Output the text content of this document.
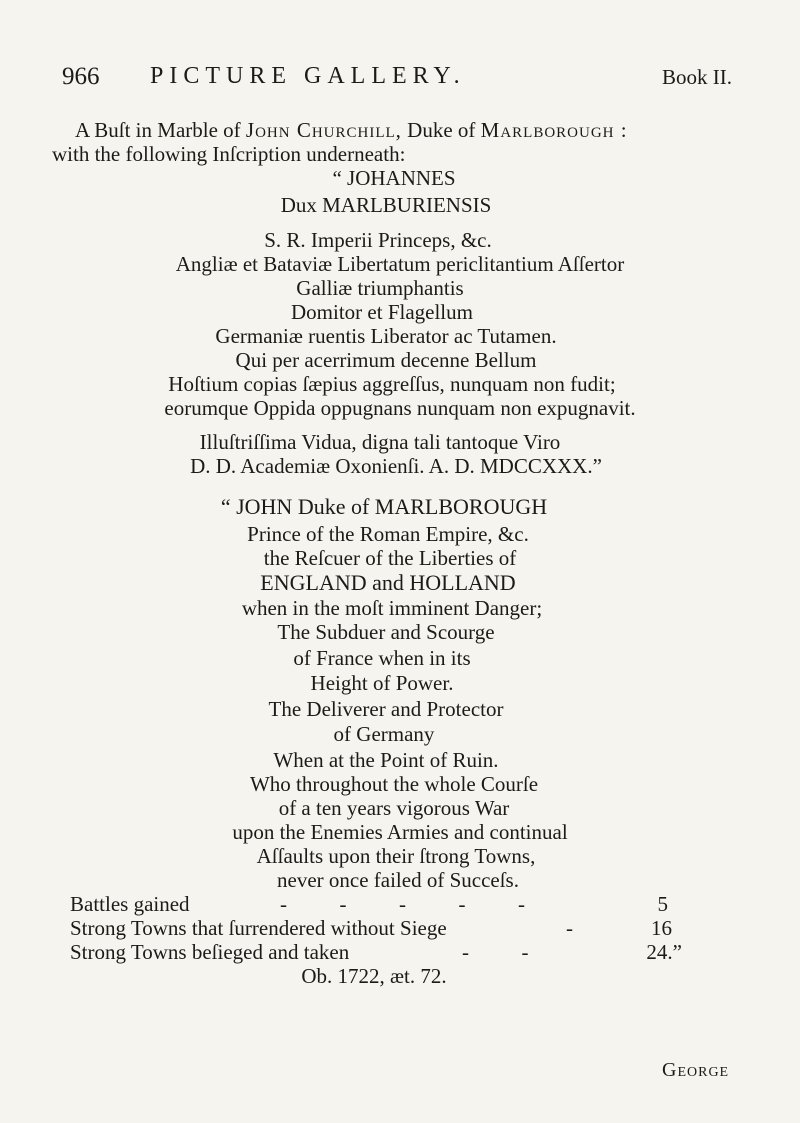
966 PICTURE GALLERY.	Book II.
A Buſt in Marble of John Churchill, Duke of Marlborough :
with the following Inſcription underneath:
“ JOHANNES
Dux MARLBURIENSIS
S. R. Imperii Princeps, &c.
Angliæ et Bataviæ Libertatum periclitantium Aſſertor
Galliæ triumphantis
Domitor et Flagellum
Germaniæ ruentis Liberator ac Tutamen.
Qui per acerrimum decenne Bellum
Hoſtium copias ſæpius aggreſſus, nunquam non fudit;
eorumque Oppida oppugnans nunquam non expugnavit.
Illuſtriſſima Vidua, digna tali tantoque Viro
D. D. Academiæ Oxonienſi. A. D. MDCCXXX.”
“ JOHN Duke of MARLBOROUGH
Prince of the Roman Empire, &c.
the Reſcuer of the Liberties of
ENGLAND and HOLLAND
when in the moſt imminent Danger;
The Subduer and Scourge
of France when in its
Height of Power.
The Deliverer and Protector
of Germany
When at the Point of Ruin.
Who throughout the whole Courſe
of a ten years vigorous War
upon the Enemies Armies and continual
Aſſaults upon their ſtrong Towns,
never once failed of Succeſs.
Battles gained	-          -          -          -          -	5
Strong Towns that ſurrendered without Siege	-	16
Strong Towns beſieged and taken	-          -	24.”
Ob. 1722, æt. 72.
George
